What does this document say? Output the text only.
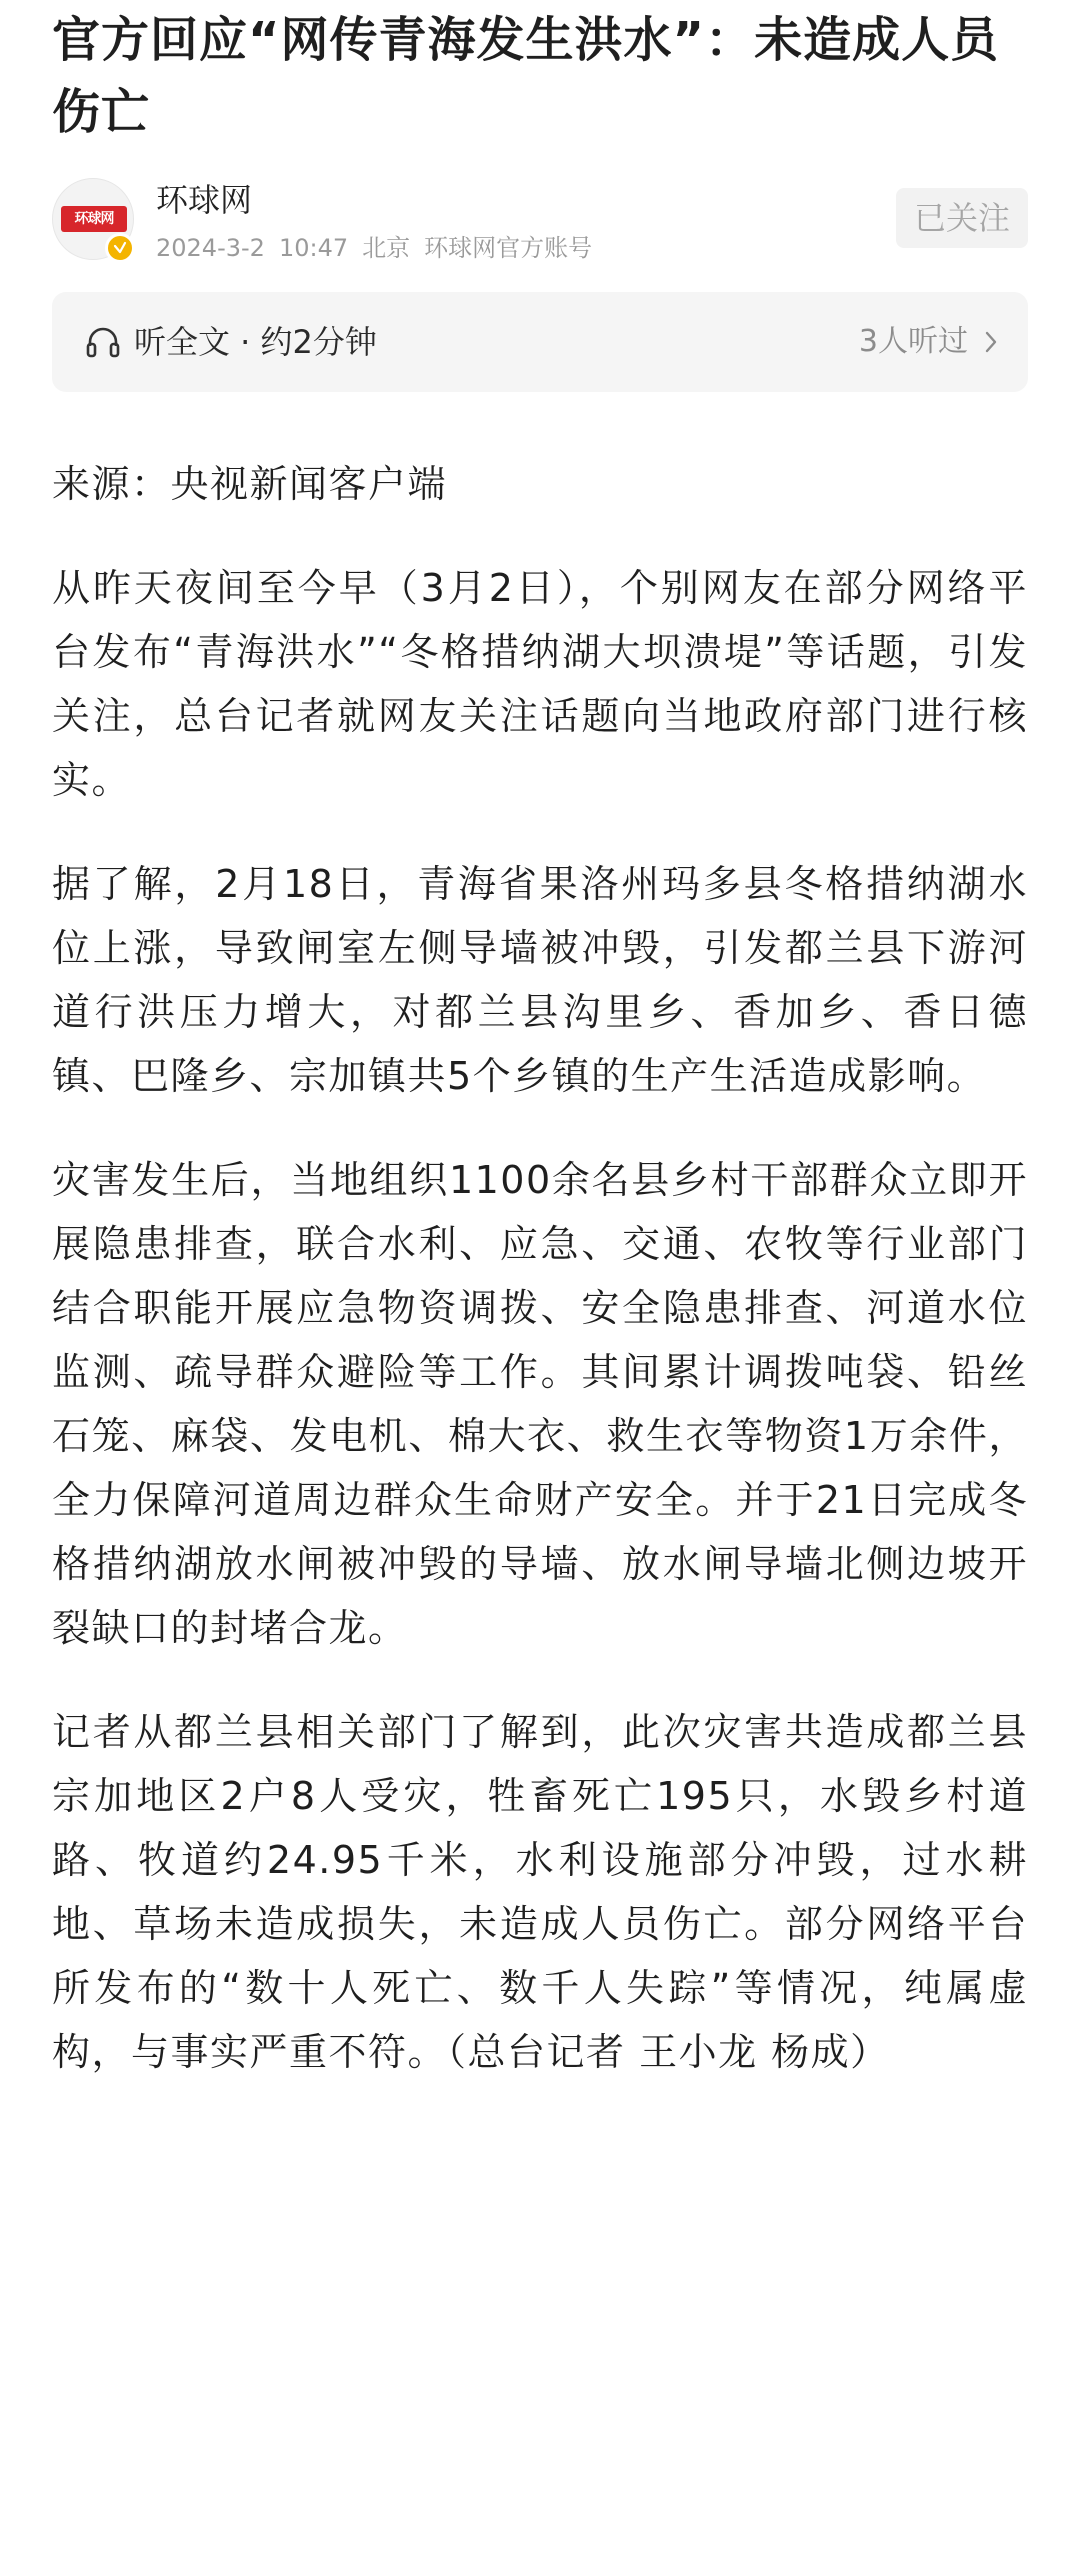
官方回应“网传青海发生洪水”：未造成人员伤亡
环球网	环球网
2024-3-2 10:47 北京 环球网官方账号
已关注
听全文 · 约2分钟	3人听过

来源：央视新闻客户端

从昨天夜间至今早（3月2日），个别网友在部分网络平台发布“青海洪水”“冬格措纳湖大坝溃堤”等话题，引发关注，总台记者就网友关注话题向当地政府部门进行核实。

据了解，2月18日，青海省果洛州玛多县冬格措纳湖水位上涨，导致闸室左侧导墙被冲毁，引发都兰县下游河道行洪压力增大，对都兰县沟里乡、香加乡、香日德镇、巴隆乡、宗加镇共5个乡镇的生产生活造成影响。

灾害发生后，当地组织1100余名县乡村干部群众立即开展隐患排查，联合水利、应急、交通、农牧等行业部门结合职能开展应急物资调拨、安全隐患排查、河道水位监测、疏导群众避险等工作。其间累计调拨吨袋、铅丝石笼、麻袋、发电机、棉大衣、救生衣等物资1万余件，全力保障河道周边群众生命财产安全。并于21日完成冬格措纳湖放水闸被冲毁的导墙、放水闸导墙北侧边坡开裂缺口的封堵合龙。

记者从都兰县相关部门了解到，此次灾害共造成都兰县宗加地区2户8人受灾，牲畜死亡195只，水毁乡村道路、牧道约24.95千米，水利设施部分冲毁，过水耕地、草场未造成损失，未造成人员伤亡。部分网络平台所发布的“数十人死亡、数千人失踪”等情况，纯属虚构，与事实严重不符。（总台记者 王小龙 杨成）
